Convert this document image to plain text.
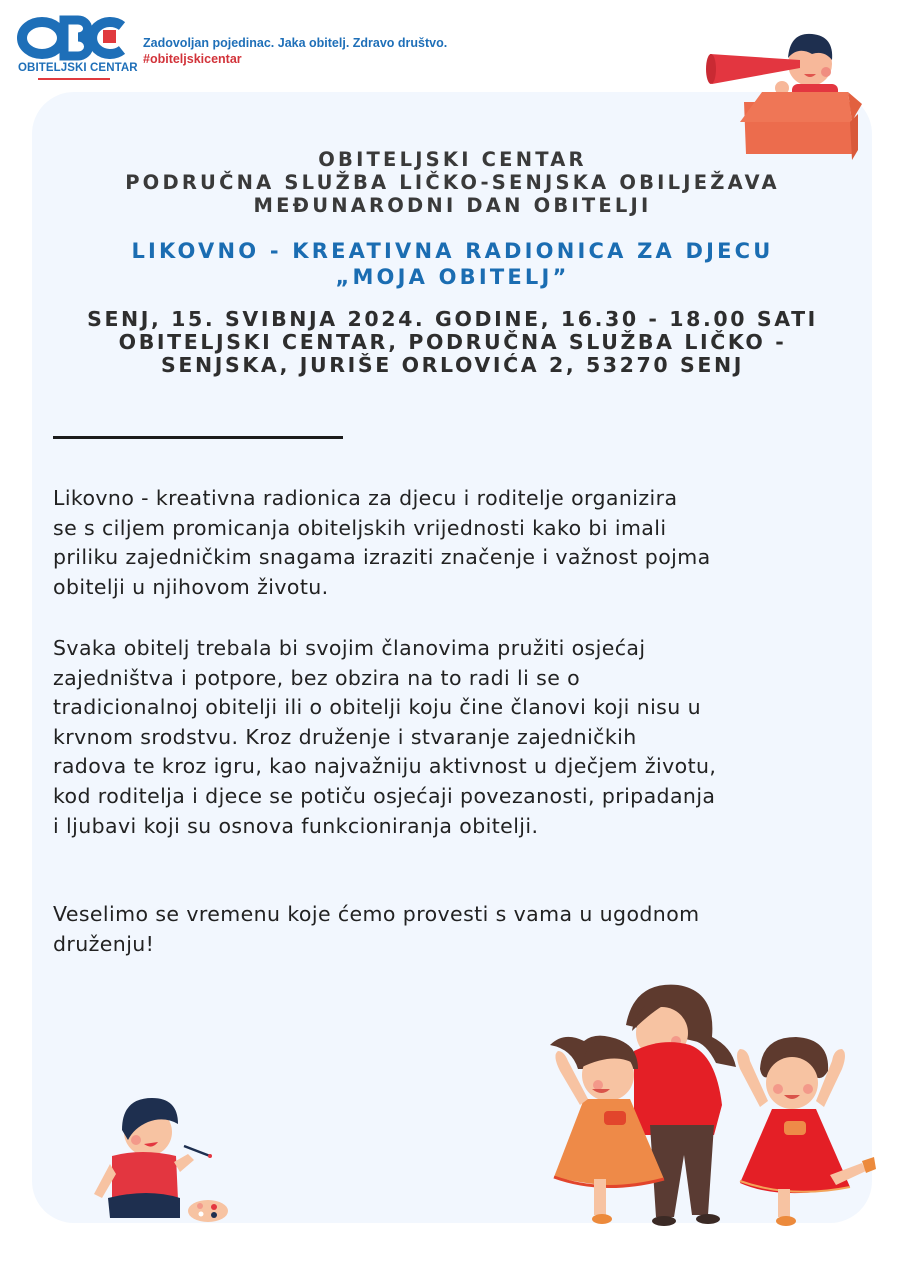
OBITELJSKI CENTAR
Zadovoljan pojedinac. Jaka obitelj. Zdravo društvo.
#obiteljskicentar
OBITELJSKI CENTAR
PODRUČNA SLUŽBA LIČKO-SENJSKA OBILJEŽAVA
MEĐUNARODNI DAN OBITELJI
LIKOVNO - KREATIVNA RADIONICA ZA DJECU
„MOJA OBITELJ”
SENJ, 15. SVIBNJA 2024. GODINE, 16.30 - 18.00 SATI
OBITELJSKI CENTAR, PODRUČNA SLUŽBA LIČKO -
SENJSKA, JURIŠE ORLOVIĆA 2, 53270 SENJ
Likovno - kreativna radionica za djecu i roditelje organizira
se s ciljem promicanja obiteljskih vrijednosti kako bi imali
priliku zajedničkim snagama izraziti značenje i važnost pojma
obitelji u njihovom životu.
Svaka obitelj trebala bi svojim članovima pružiti osjećaj
zajedništva i potpore, bez obzira na to radi li se o
tradicionalnoj obitelji ili o obitelji koju čine članovi koji nisu u
krvnom srodstvu. Kroz druženje i stvaranje zajedničkih
radova te kroz igru, kao najvažniju aktivnost u dječjem životu,
kod roditelja i djece se potiču osjećaji povezanosti, pripadanja
i ljubavi koji su osnova funkcioniranja obitelji.
Veselimo se vremenu koje ćemo provesti s vama u ugodnom
druženju!
